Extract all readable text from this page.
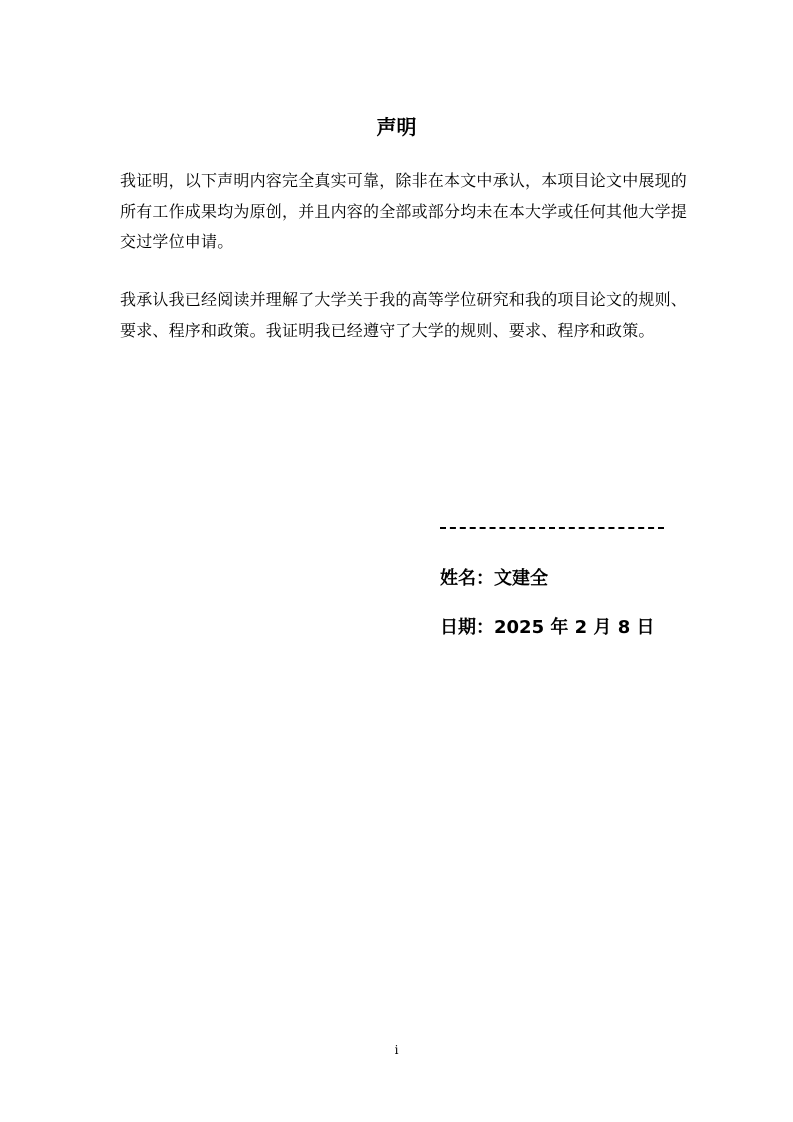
声明
我证明，以下声明内容完全真实可靠，除非在本文中承认，本项目论文中展现的
所有工作成果均为原创，并且内容的全部或部分均未在本大学或任何其他大学提
交过学位申请。
我承认我已经阅读并理解了大学关于我的高等学位研究和我的项目论文的规则、
要求、程序和政策。我证明我已经遵守了大学的规则、要求、程序和政策。
姓名：文建全
日期：2025 年 2 月 8 日
i
